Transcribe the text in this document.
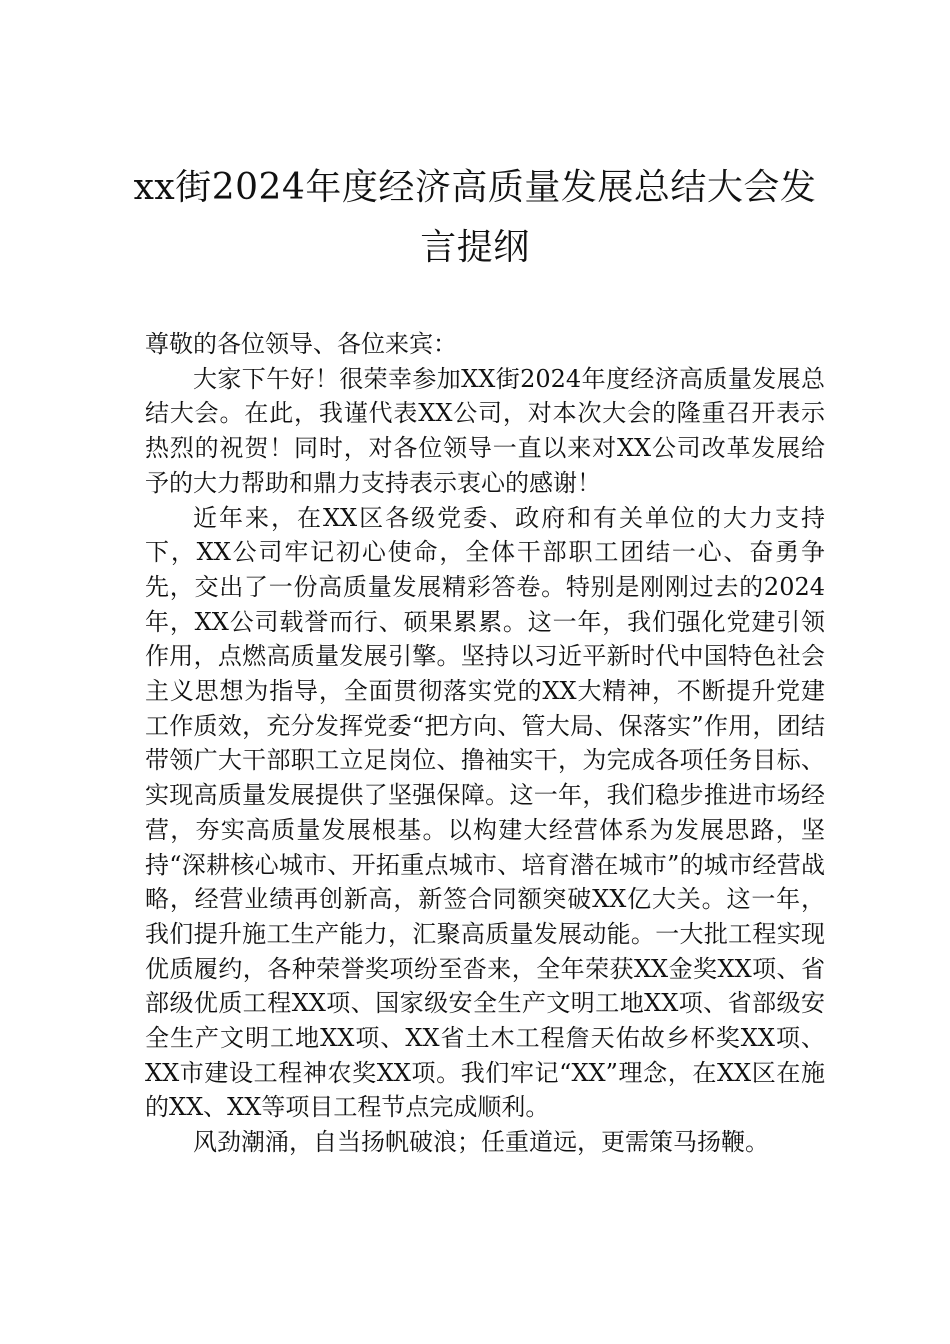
xx街2024年度经济高质量发展总结大会发言提纲

尊敬的各位领导、各位来宾：

大家下午好！很荣幸参加XX街2024年度经济高质量发展总结大会。在此，我谨代表XX公司，对本次大会的隆重召开表示热烈的祝贺！同时，对各位领导一直以来对XX公司改革发展给予的大力帮助和鼎力支持表示衷心的感谢！

近年来，在XX区各级党委、政府和有关单位的大力支持下，XX公司牢记初心使命，全体干部职工团结一心、奋勇争先，交出了一份高质量发展精彩答卷。特别是刚刚过去的2024年，XX公司载誉而行、硕果累累。这一年，我们强化党建引领作用，点燃高质量发展引擎。坚持以习近平新时代中国特色社会主义思想为指导，全面贯彻落实党的XX大精神，不断提升党建工作质效，充分发挥党委“把方向、管大局、保落实”作用，团结带领广大干部职工立足岗位、撸袖实干，为完成各项任务目标、实现高质量发展提供了坚强保障。这一年，我们稳步推进市场经营，夯实高质量发展根基。以构建大经营体系为发展思路，坚持“深耕核心城市、开拓重点城市、培育潜在城市”的城市经营战略，经营业绩再创新高，新签合同额突破XX亿大关。这一年，我们提升施工生产能力，汇聚高质量发展动能。一大批工程实现优质履约，各种荣誉奖项纷至沓来，全年荣获XX金奖XX项、省部级优质工程XX项、国家级安全生产文明工地XX项、省部级安全生产文明工地XX项、XX省土木工程詹天佑故乡杯奖XX项、XX市建设工程神农奖XX项。我们牢记“XX”理念，在XX区在施的XX、XX等项目工程节点完成顺利。

风劲潮涌，自当扬帆破浪；任重道远，更需策马扬鞭。
